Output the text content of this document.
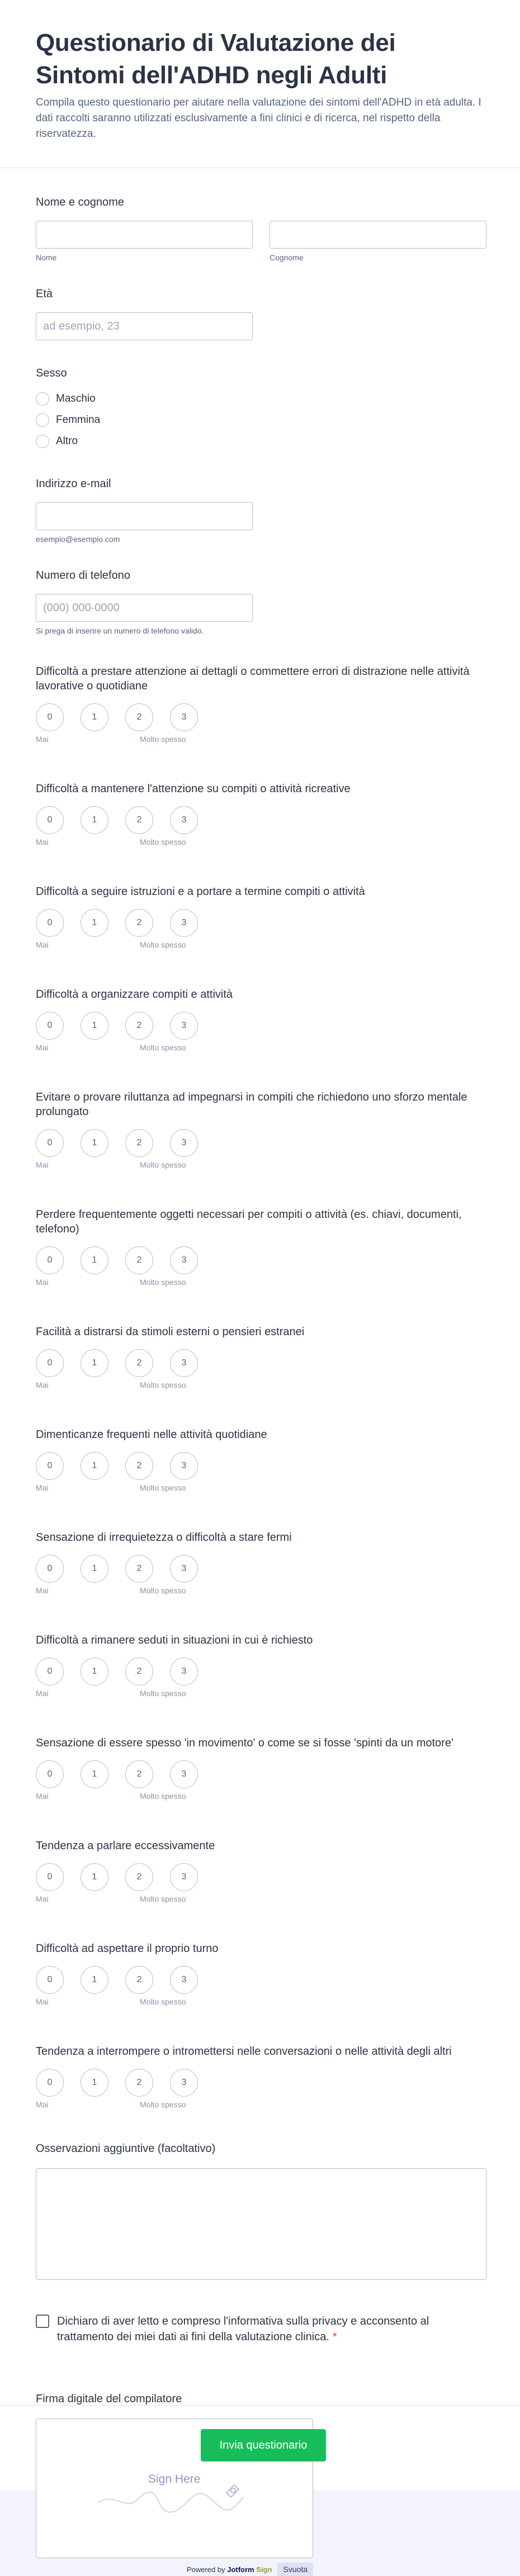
Questionario di Valutazione dei Sintomi dell'ADHD negli Adulti

Compila questo questionario per aiutare nella valutazione dei sintomi dell'ADHD in età adulta. I dati raccolti saranno utilizzati esclusivamente a fini clinici e di ricerca, nel rispetto della riservatezza.

Nome e cognome
Nome	Cognome
Età
ad esempio, 23
Sesso
Maschio
Femmina
Altro
Indirizzo e-mail
esempio@esempio.com
Numero di telefono
(000) 000-0000
Si prega di inserire un numero di telefono valido.
Difficoltà a prestare attenzione ai dettagli o commettere errori di distrazione nelle attività lavorative o quotidiane
0	1	2	3
Mai	Molto spesso
Difficoltà a mantenere l'attenzione su compiti o attività ricreative
0	1	2	3
Mai	Molto spesso
Difficoltà a seguire istruzioni e a portare a termine compiti o attività
0	1	2	3
Mai	Molto spesso
Difficoltà a organizzare compiti e attività
0	1	2	3
Mai	Molto spesso
Evitare o provare riluttanza ad impegnarsi in compiti che richiedono uno sforzo mentale prolungato
0	1	2	3
Mai	Molto spesso
Perdere frequentemente oggetti necessari per compiti o attività (es. chiavi, documenti, telefono)
0	1	2	3
Mai	Molto spesso
Facilità a distrarsi da stimoli esterni o pensieri estranei
0	1	2	3
Mai	Molto spesso
Dimenticanze frequenti nelle attività quotidiane
0	1	2	3
Mai	Molto spesso
Sensazione di irrequietezza o difficoltà a stare fermi
0	1	2	3
Mai	Molto spesso
Difficoltà a rimanere seduti in situazioni in cui è richiesto
0	1	2	3
Mai	Molto spesso
Sensazione di essere spesso 'in movimento' o come se si fosse 'spinti da un motore'
0	1	2	3
Mai	Molto spesso
Tendenza a parlare eccessivamente
0	1	2	3
Mai	Molto spesso
Difficoltà ad aspettare il proprio turno
0	1	2	3
Mai	Molto spesso
Tendenza a interrompere o intromettersi nelle conversazioni o nelle attività degli altri
0	1	2	3
Mai	Molto spesso
Osservazioni aggiuntive (facoltativo)
Dichiaro di aver letto e compreso l'informativa sulla privacy e acconsento al trattamento dei miei dati ai fini della valutazione clinica. *
Firma digitale del compilatore
Sign Here
Powered by Jotform Sign	Svuota
Invia questionario
